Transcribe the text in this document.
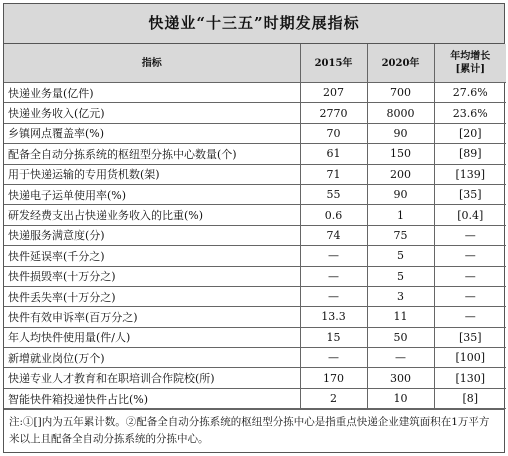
快递业“十三五”时期发展指标
指标	2015年	2020年	年均增长
[累计]
快递业务量(亿件)	207	700	27.6%
快递业务收入(亿元)	2770	8000	23.6%
乡镇网点覆盖率(%)	70	90	[20]
配备全自动分拣系统的枢纽型分拣中心数量(个)	61	150	[89]
用于快递运输的专用货机数(架)	71	200	[139]
快递电子运单使用率(%)	55	90	[35]
研发经费支出占快递业务收入的比重(%)	0.6	1	[0.4]
快递服务满意度(分)	74	75	—
快件延误率(千分之)	—	5	—
快件损毁率(十万分之)	—	5	—
快件丢失率(十万分之)	—	3	—
快件有效申诉率(百万分之)	13.3	11	—
年人均快件使用量(件/人)	15	50	[35]
新增就业岗位(万个)	—	—	[100]
快递专业人才教育和在职培训合作院校(所)	170	300	[130]
智能快件箱投递快件占比(%)	2	10	[8]
注:①[]内为五年累计数。②配备全自动分拣系统的枢纽型分拣中心是指重点快递企业建筑面积在1万平方米以上且配备全自动分拣系统的分拣中心。
